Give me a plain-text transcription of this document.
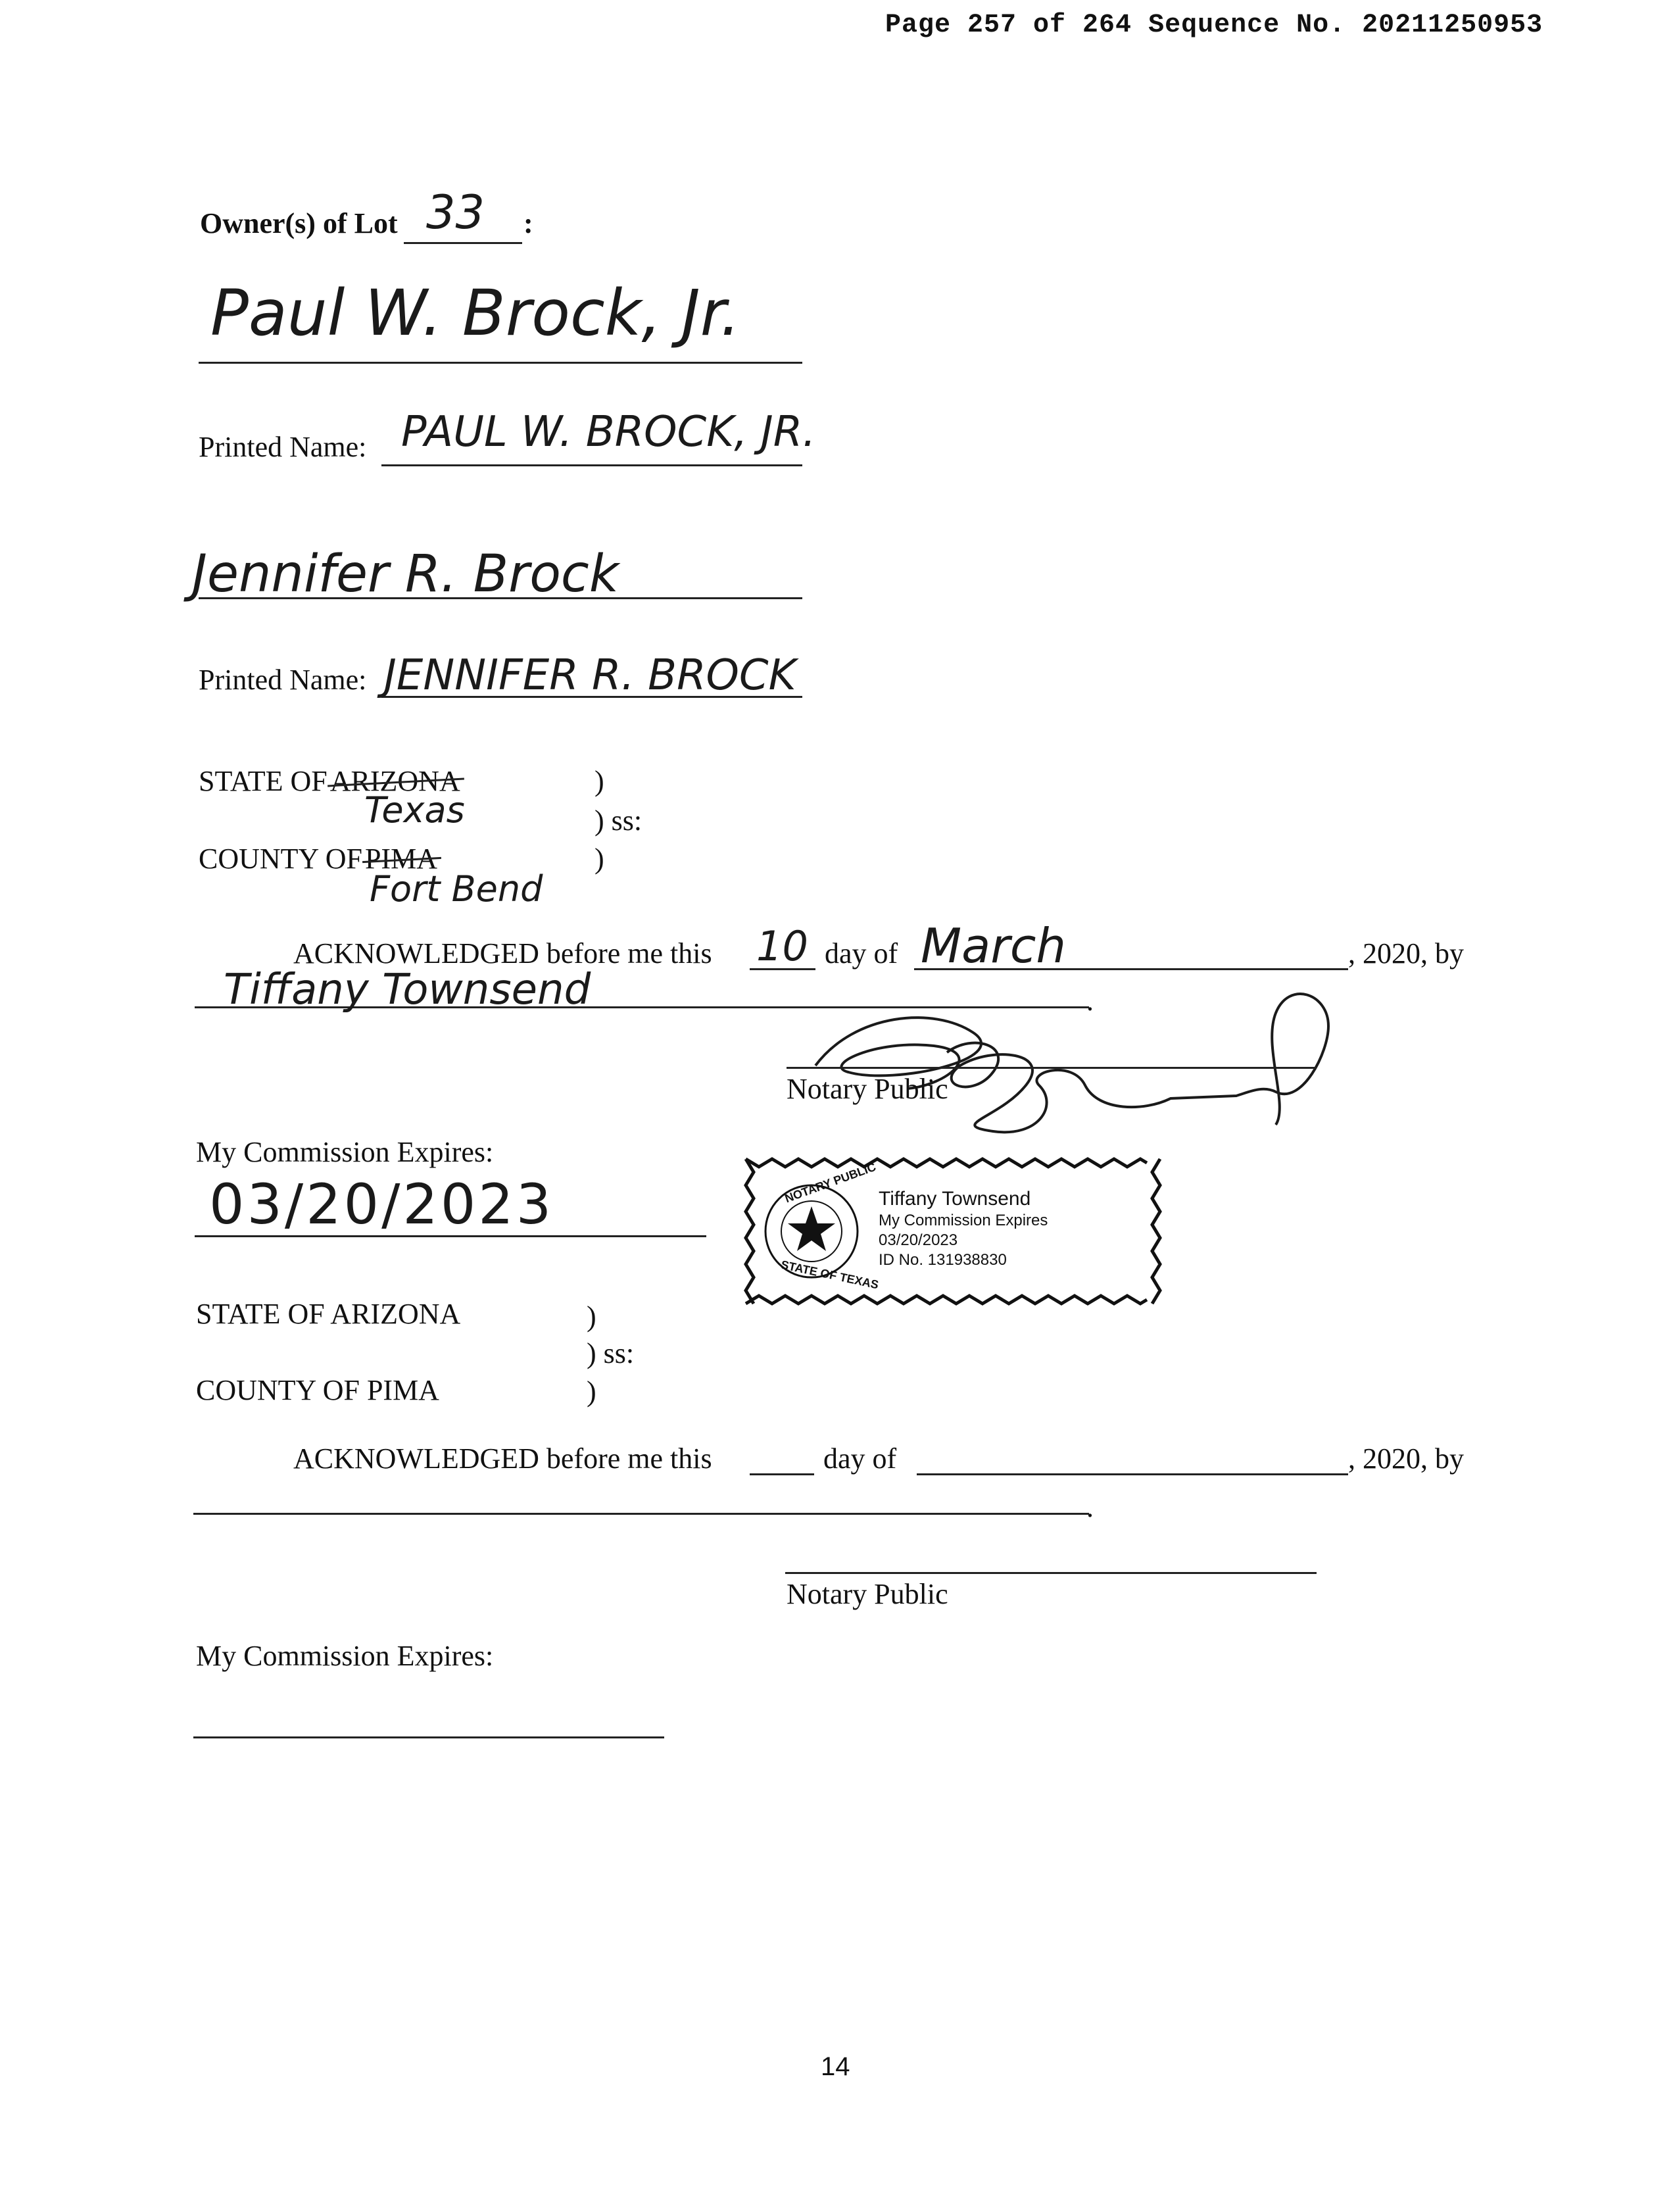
Page 257 of 264 Sequence No. 20211250953
Owner(s) of Lot 33 :
Paul W. Brock, Jr.
Printed Name: PAUL W. BROCK, JR.
Jennifer R. Brock
Printed Name: JENNIFER R. BROCK
STATE OFARIZONA
Texas
)
) ss:
COUNTY OFPIMA
Fort Bend
)
ACKNOWLEDGED before me this 10 day of March	, 2020, by
Tiffany Townsend	.
Notary Public
My Commission Expires:
03/20/2023	NOTARY PUBLIC
STATE OF TEXAS
Tiffany Townsend
My Commission Expires
03/20/2023
ID No. 131938830
STATE OF ARIZONA	)
) ss:
COUNTY OF PIMA	)
ACKNOWLEDGED before me this	day of	, 2020, by
.
Notary Public
My Commission Expires:
14
